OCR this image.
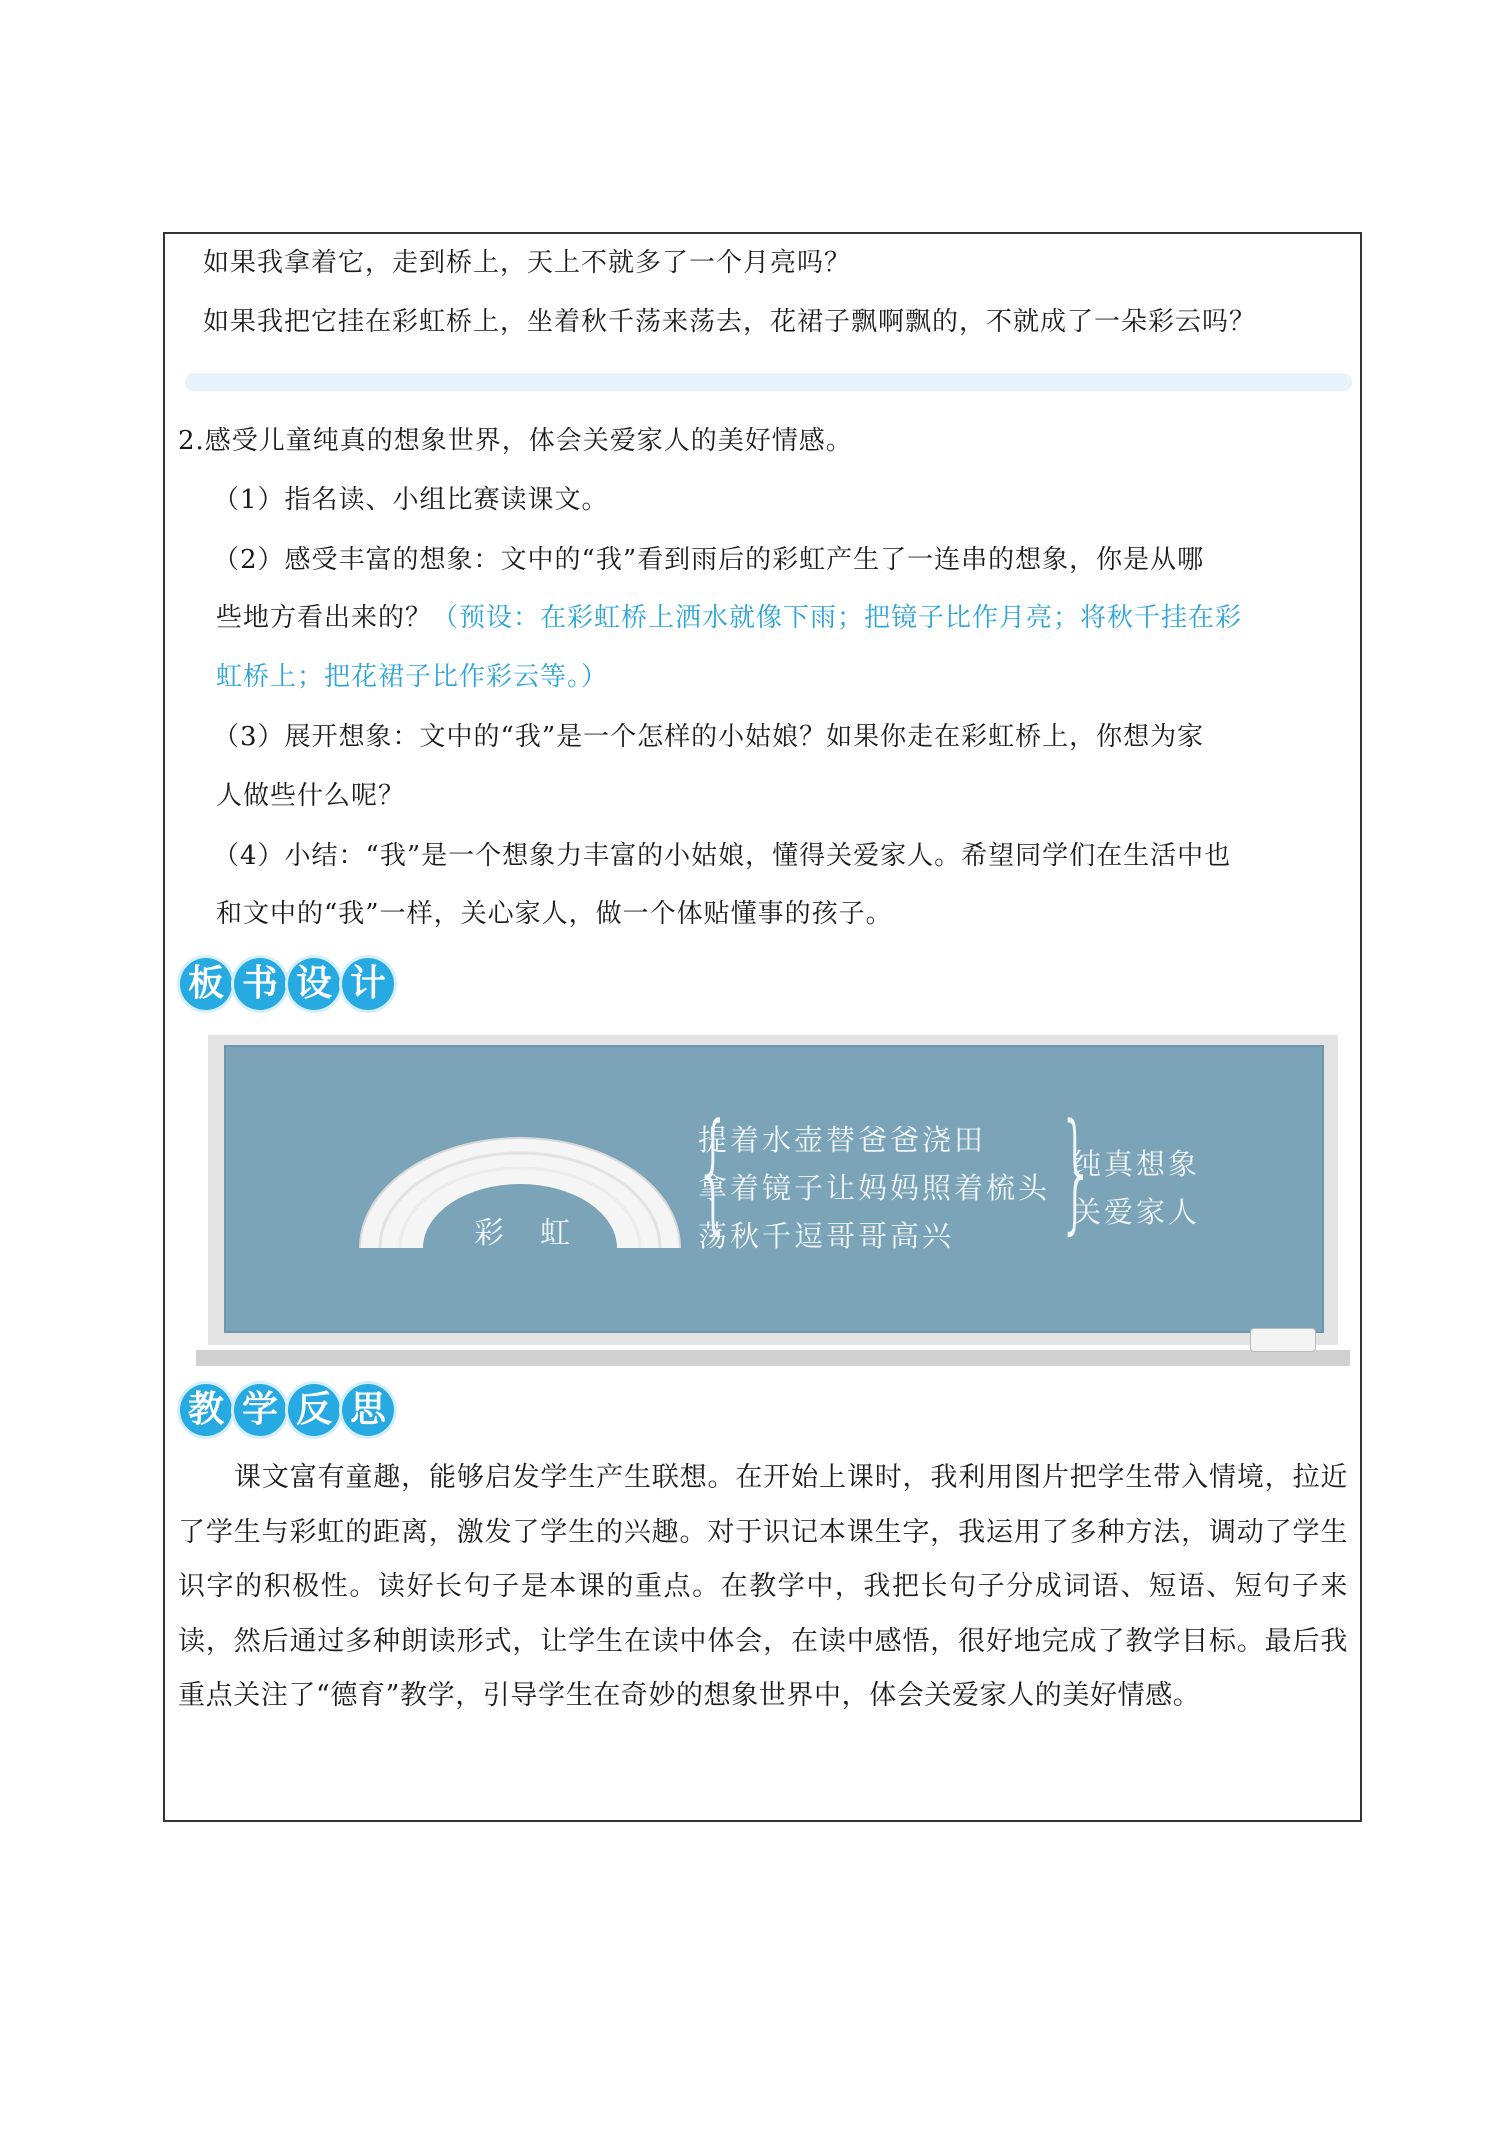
如果我拿着它，走到桥上，天上不就多了一个月亮吗？
如果我把它挂在彩虹桥上，坐着秋千荡来荡去，花裙子飘啊飘的，不就成了一朵彩云吗？
2.感受儿童纯真的想象世界，体会关爱家人的美好情感。
（1）指名读、小组比赛读课文。
（2）感受丰富的想象：文中的“我”看到雨后的彩虹产生了一连串的想象，你是从哪
些地方看出来的？（预设：在彩虹桥上洒水就像下雨；把镜子比作月亮；将秋千挂在彩
虹桥上；把花裙子比作彩云等。）
（3）展开想象：文中的“我”是一个怎样的小姑娘？如果你走在彩虹桥上，你想为家
人做些什么呢？
（4）小结：“我”是一个想象力丰富的小姑娘，懂得关爱家人。希望同学们在生活中也
和文中的“我”一样，关心家人，做一个体贴懂事的孩子。
板 书 设 计
彩　虹 {
提着水壶替爸爸浇田
拿着镜子让妈妈照着梳头
荡秋千逗哥哥高兴 }
纯真想象
关爱家人
教 学 反 思
课文富有童趣，能够启发学生产生联想。在开始上课时，我利用图片把学生带入情境，拉近了学生与彩虹的距离，激发了学生的兴趣。对于识记本课生字，我运用了多种方法，调动了学生识字的积极性。读好长句子是本课的重点。在教学中，我把长句子分成词语、短语、短句子来读，然后通过多种朗读形式，让学生在读中体会，在读中感悟，很好地完成了教学目标。最后我重点关注了“德育”教学，引导学生在奇妙的想象世界中，体会关爱家人的美好情感。
